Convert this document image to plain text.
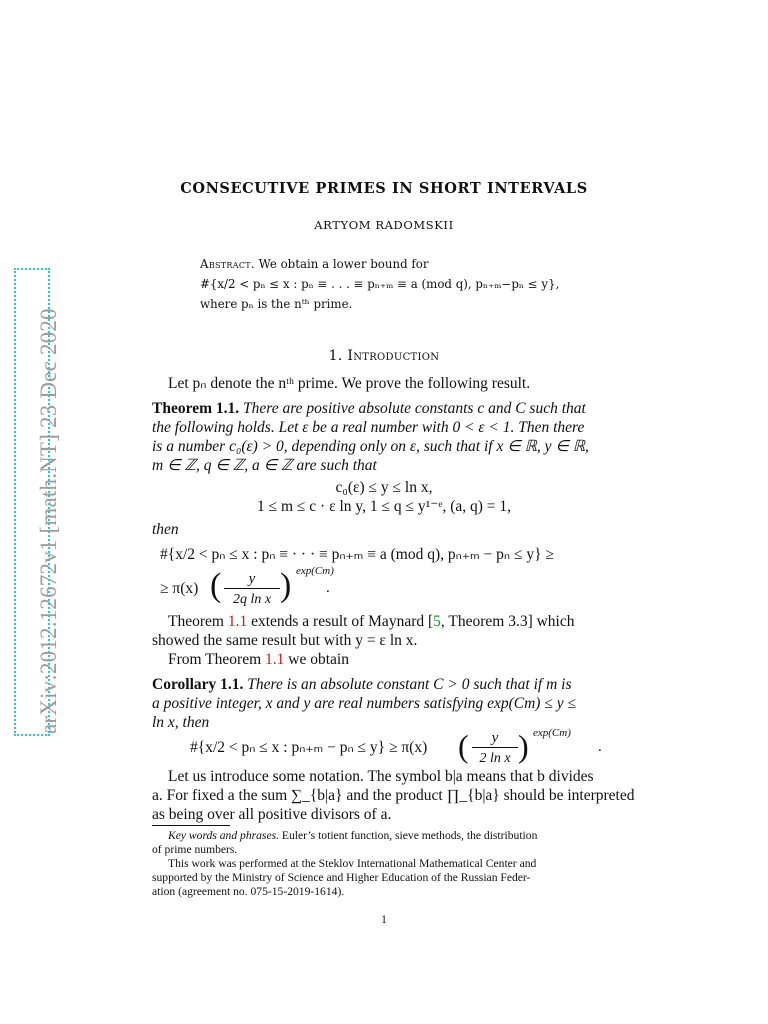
arXiv:2012.12672v1 [math.NT] 23 Dec 2020
CONSECUTIVE PRIMES IN SHORT INTERVALS
ARTYOM RADOMSKII
Abstract. We obtain a lower bound for
#{x/2 < pₙ ≤ x : pₙ ≡ . . . ≡ pₙ₊ₘ ≡ a (mod q), pₙ₊ₘ−pₙ ≤ y},
where pₙ is the nᵗʰ prime.
1. Introduction
Let pₙ denote the nᵗʰ prime. We prove the following result.
Theorem 1.1. There are positive absolute constants c and C such that
the following holds. Let ε be a real number with 0 < ε < 1. Then there
is a number c₀(ε) > 0, depending only on ε, such that if x ∈ ℝ, y ∈ ℝ,
m ∈ ℤ, q ∈ ℤ, a ∈ ℤ are such that
c₀(ε) ≤ y ≤ ln x,
1 ≤ m ≤ c · ε ln y, 1 ≤ q ≤ y¹⁻ᵉ, (a, q) = 1,
then
#{x/2 < pₙ ≤ x : pₙ ≡ · · · ≡ pₙ₊ₘ ≡ a (mod q), pₙ₊ₘ − pₙ ≤ y} ≥
≥ π(x) (	y
2q ln x ) exp(Cm)
.
Theorem 1.1 extends a result of Maynard [5, Theorem 3.3] which
showed the same result but with y = ε ln x.
From Theorem 1.1 we obtain
Corollary 1.1. There is an absolute constant C > 0 such that if m is
a positive integer, x and y are real numbers satisfying exp(Cm) ≤ y ≤
ln x, then
#{x/2 < pₙ ≤ x : pₙ₊ₘ − pₙ ≤ y} ≥ π(x) (	y
2 ln x ) exp(Cm)
.
Let us introduce some notation. The symbol b|a means that b divides
a. For fixed a the sum ∑_{b|a} and the product ∏_{b|a} should be interpreted
as being over all positive divisors of a.
Key words and phrases. Euler’s totient function, sieve methods, the distribution
of prime numbers.
This work was performed at the Steklov International Mathematical Center and
supported by the Ministry of Science and Higher Education of the Russian Feder-
ation (agreement no. 075-15-2019-1614).
1
